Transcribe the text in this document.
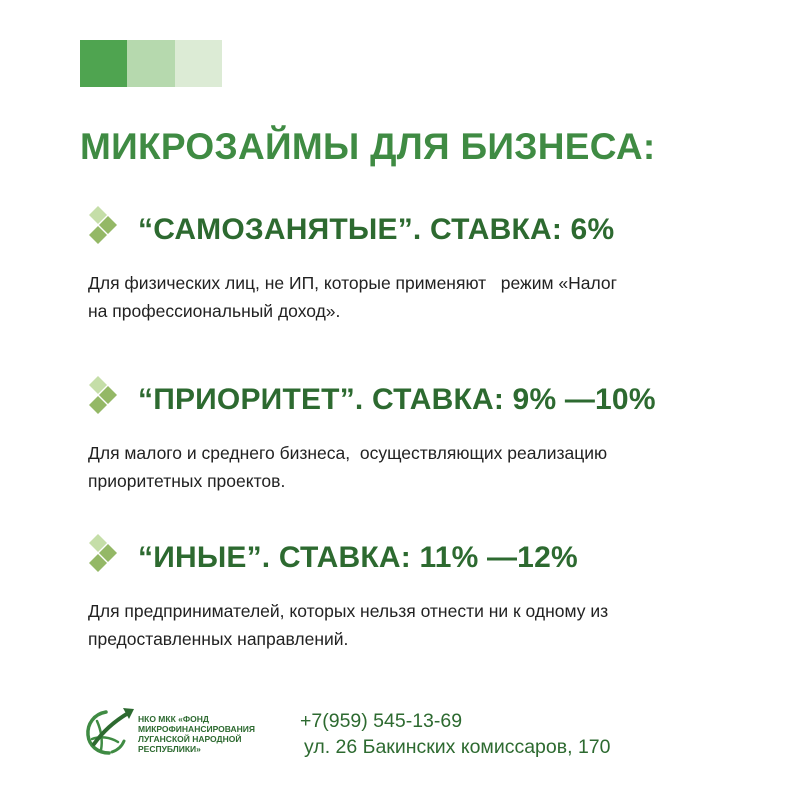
МИКРОЗАЙМЫ ДЛЯ БИЗНЕСА:
“САМОЗАНЯТЫЕ”. СТАВКА: 6%

Для физических лиц, не ИП, которые применяют   режим «Налог
на профессиональный доход».

“ПРИОРИТЕТ”. СТАВКА: 9% —10%

Для малого и среднего бизнеса,  осуществляющих реализацию
приоритетных проектов.

“ИНЫЕ”. СТАВКА: 11% —12%

Для предпринимателей, которых нельзя отнести ни к одному из
предоставленных направлений.

НКО МКК «ФОНД МИКРОФИНАНСИРОВАНИЯ ЛУГАНСКОЙ НАРОДНОЙ РЕСПУБЛИКИ»

+7(959) 545-13-69

ул. 26 Бакинских комиссаров, 170
